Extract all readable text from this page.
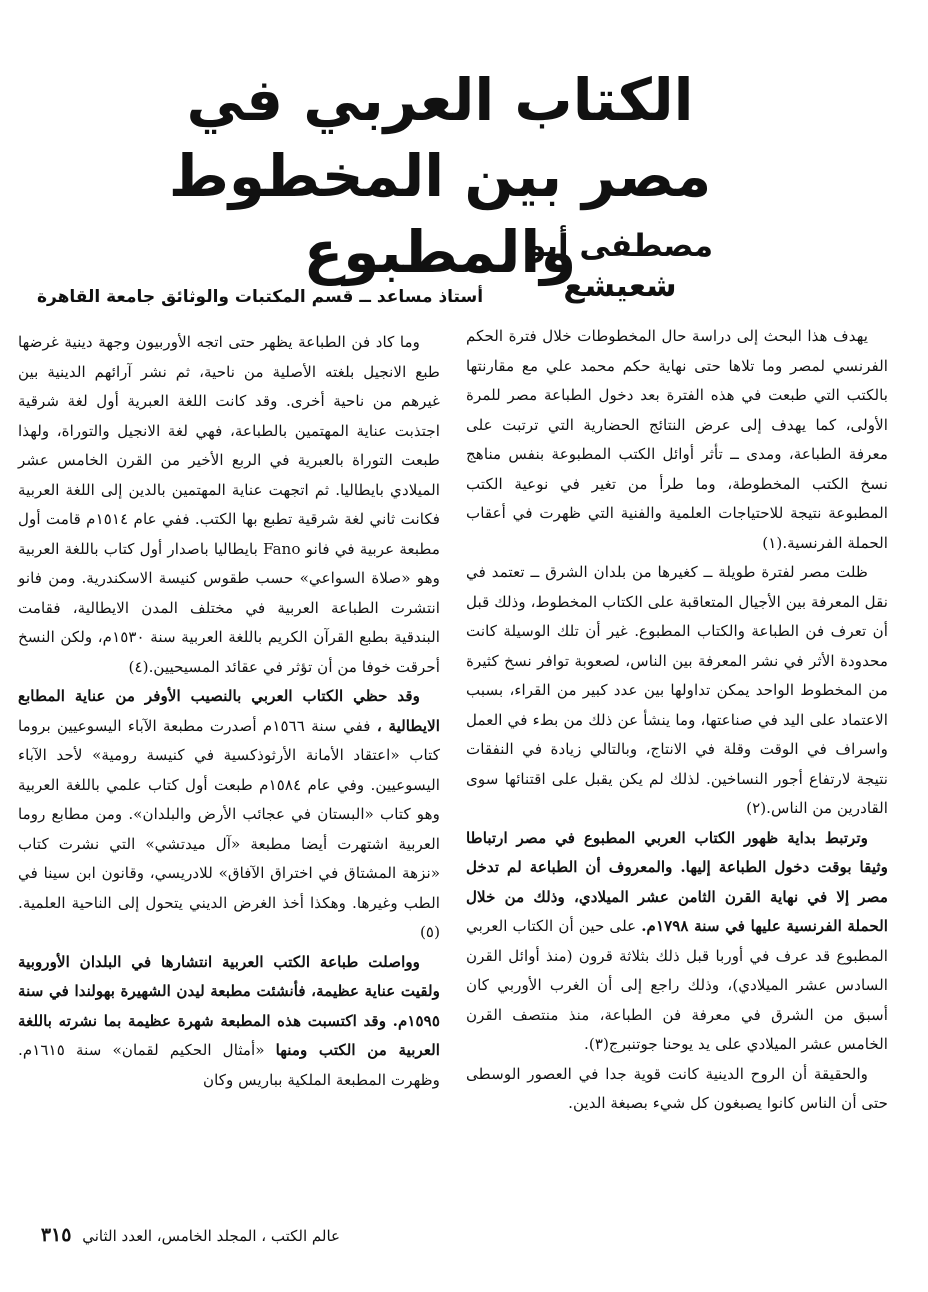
الكتاب العربي في مصر بين المخطوط والمطبوع
مصطفى أبو شعيشع
أستاذ مساعد ــ قسم المكتبات والوثائق جامعة القاهرة

يهدف هذا البحث إلى دراسة حال المخطوطات خلال فترة الحكم الفرنسي لمصر وما تلاها حتى نهاية حكم محمد علي مع مقارنتها بالكتب التي طبعت في هذه الفترة بعد دخول الطباعة مصر للمرة الأولى، كما يهدف إلى عرض النتائج الحضارية التي ترتبت على معرفة الطباعة، ومدى ــ تأثر أوائل الكتب المطبوعة بنفس مناهج نسخ الكتب المخطوطة، وما طرأ من تغير في نوعية الكتب المطبوعة نتيجة للاحتياجات العلمية والفنية التي ظهرت في أعقاب الحملة الفرنسية.(١)

ظلت مصر لفترة طويلة ــ كغيرها من بلدان الشرق ــ تعتمد في نقل المعرفة بين الأجيال المتعاقبة على الكتاب المخطوط، وذلك قبل أن تعرف فن الطباعة والكتاب المطبوع. غير أن تلك الوسيلة كانت محدودة الأثر في نشر المعرفة بين الناس، لصعوبة توافر نسخ كثيرة من المخطوط الواحد يمكن تداولها بين عدد كبير من القراء، بسبب الاعتماد على اليد في صناعتها، وما ينشأ عن ذلك من بطء في العمل واسراف في الوقت وقلة في الانتاج، وبالتالي زيادة في النفقات نتيجة لارتفاع أجور النساخين. لذلك لم يكن يقبل على اقتنائها سوى القادرين من الناس.(٢)

وترتبط بداية ظهور الكتاب العربي المطبوع في مصر ارتباطا وثيقا بوقت دخول الطباعة إليها. والمعروف أن الطباعة لم تدخل مصر إلا في نهاية القرن الثامن عشر الميلادي، وذلك من خلال الحملة الفرنسية عليها في سنة ١٧٩٨م. على حين أن الكتاب العربي المطبوع قد عرف في أوربا قبل ذلك بثلاثة قرون (منذ أوائل القرن السادس عشر الميلادي)، وذلك راجع إلى أن الغرب الأوربي كان أسبق من الشرق في معرفة فن الطباعة، منذ منتصف القرن الخامس عشر الميلادي على يد يوحنا جوتنبرج(٣).

والحقيقة أن الروح الدينية كانت قوية جدا في العصور الوسطى حتى أن الناس كانوا يصبغون كل شيء بصبغة الدين.

وما كاد فن الطباعة يظهر حتى اتجه الأوربيون وجهة دينية غرضها طبع الانجيل بلغته الأصلية من ناحية، ثم نشر آرائهم الدينية بين غيرهم من ناحية أخرى. وقد كانت اللغة العبرية أول لغة شرقية اجتذبت عناية المهتمين بالطباعة، فهي لغة الانجيل والتوراة، ولهذا طبعت التوراة بالعبرية في الربع الأخير من القرن الخامس عشر الميلادي بايطاليا. ثم اتجهت عناية المهتمين بالدين إلى اللغة العربية فكانت ثاني لغة شرقية تطبع بها الكتب. ففي عام ١٥١٤م قامت أول مطبعة عربية في فانو Fano بايطاليا باصدار أول كتاب باللغة العربية وهو «صلاة السواعي» حسب طقوس كنيسة الاسكندرية. ومن فانو انتشرت الطباعة العربية في مختلف المدن الايطالية، فقامت البندقية بطبع القرآن الكريم باللغة العربية سنة ١٥٣٠م، ولكن النسخ أحرقت خوفا من أن تؤثر في عقائد المسيحيين.(٤)

وقد حظي الكتاب العربي بالنصيب الأوفر من عناية المطابع الايطالية ، ففي سنة ١٥٦٦م أصدرت مطبعة الآباء اليسوعيين بروما كتاب «اعتقاد الأمانة الأرثوذكسية في كنيسة رومية» لأحد الآباء اليسوعيين. وفي عام ١٥٨٤م طبعت أول كتاب علمي باللغة العربية وهو كتاب «البستان في عجائب الأرض والبلدان». ومن مطابع روما العربية اشتهرت أيضا مطبعة «آل ميدتشي» التي نشرت كتاب «نزهة المشتاق في اختراق الآفاق» للادريسي، وقانون ابن سينا في الطب وغيرها. وهكذا أخذ الغرض الديني يتحول إلى الناحية العلمية.(٥)

وواصلت طباعة الكتب العربية انتشارها في البلدان الأوروبية ولقيت عناية عظيمة، فأنشئت مطبعة ليدن الشهيرة بهولندا في سنة ١٥٩٥م. وقد اكتسبت هذه المطبعة شهرة عظيمة بما نشرته باللغة العربية من الكتب ومنها «أمثال الحكيم لقمان» سنة ١٦١٥م. وظهرت المطبعة الملكية بباريس وكان

عالم الكتب ، المجلد الخامس، العدد الثاني ٣١٥
